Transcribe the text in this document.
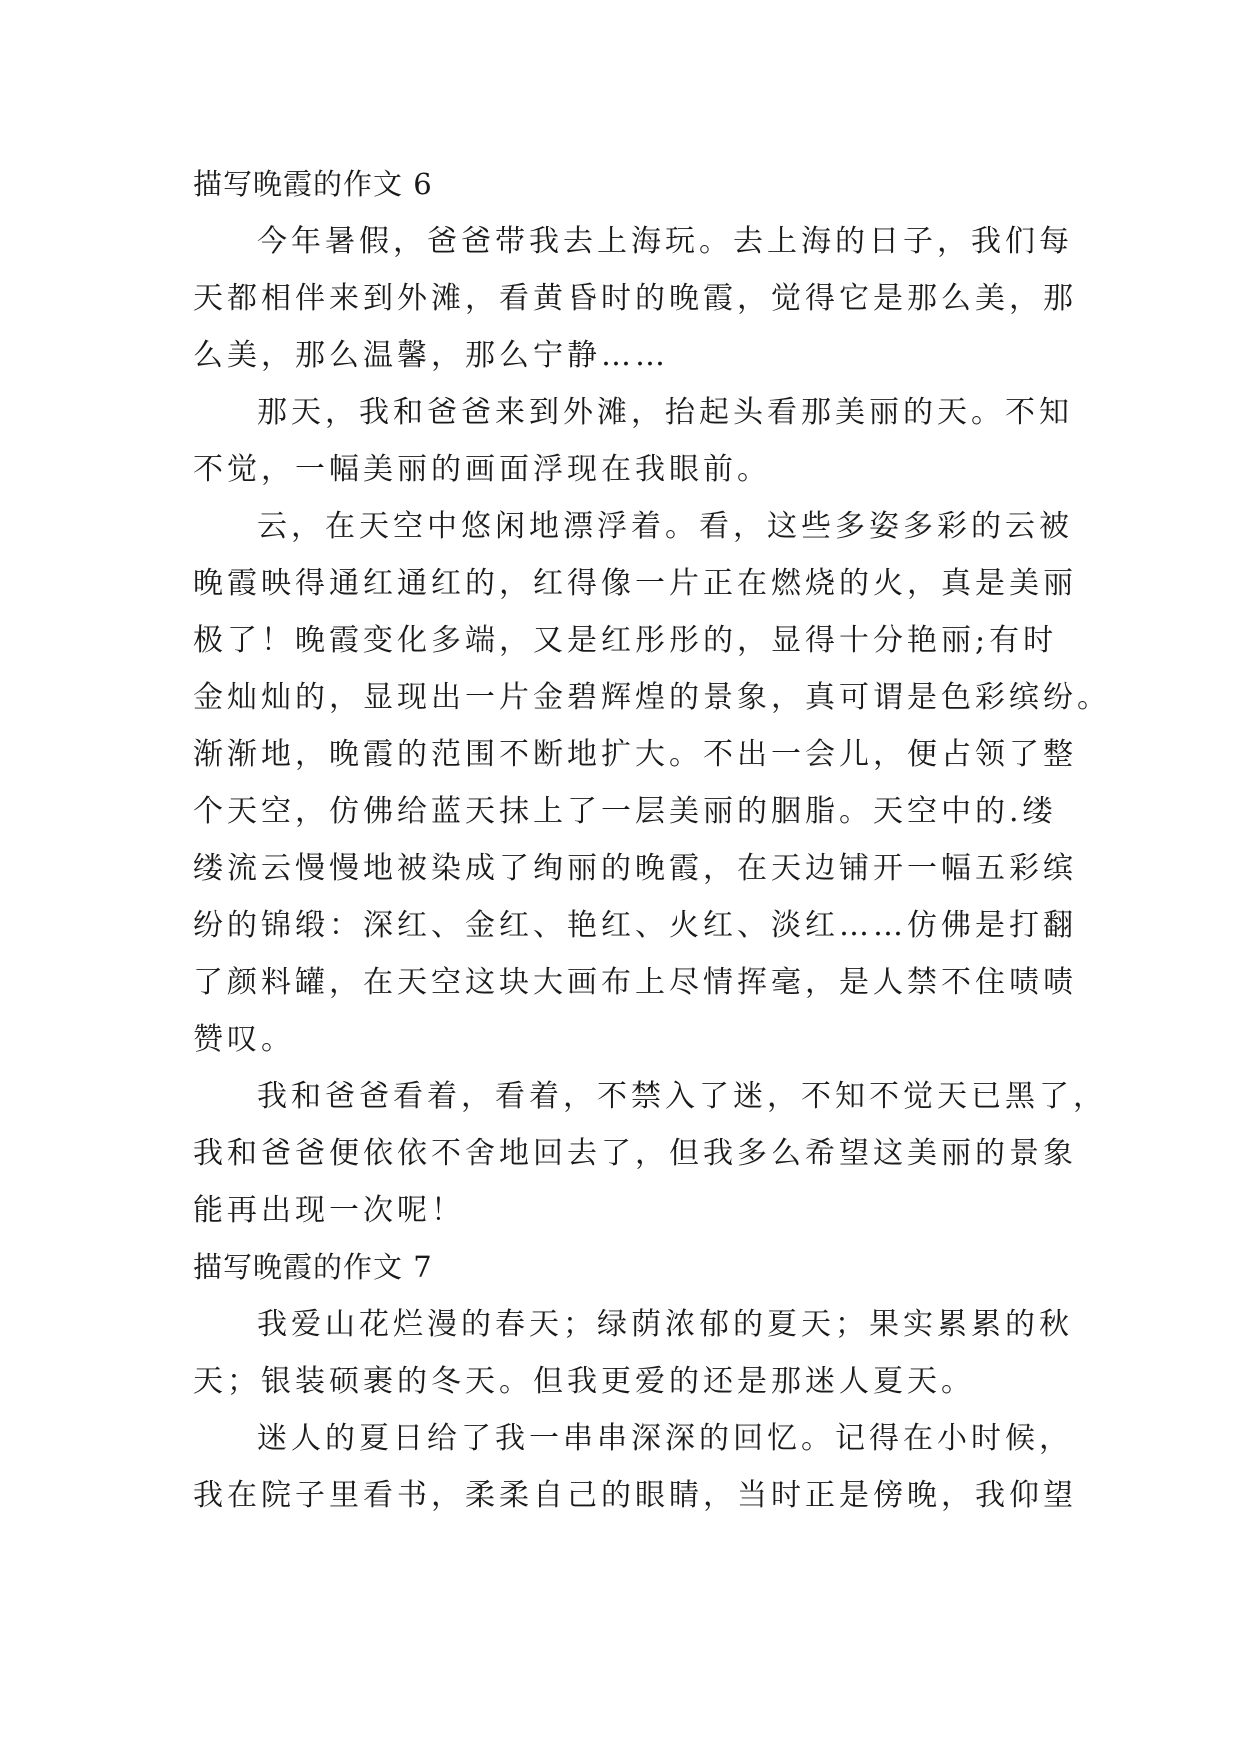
描写晚霞的作文 6
今年暑假，爸爸带我去上海玩。去上海的日子，我们每
天都相伴来到外滩，看黄昏时的晚霞，觉得它是那么美，那
么美，那么温馨，那么宁静……
那天，我和爸爸来到外滩，抬起头看那美丽的天。不知
不觉，一幅美丽的画面浮现在我眼前。
云，在天空中悠闲地漂浮着。看，这些多姿多彩的云被
晚霞映得通红通红的，红得像一片正在燃烧的火，真是美丽
极了！晚霞变化多端，又是红彤彤的，显得十分艳丽;有时
金灿灿的，显现出一片金碧辉煌的景象，真可谓是色彩缤纷。
渐渐地，晚霞的范围不断地扩大。不出一会儿，便占领了整
个天空，仿佛给蓝天抹上了一层美丽的胭脂。天空中的.缕
缕流云慢慢地被染成了绚丽的晚霞，在天边铺开一幅五彩缤
纷的锦缎：深红、金红、艳红、火红、淡红……仿佛是打翻
了颜料罐，在天空这块大画布上尽情挥毫，是人禁不住啧啧
赞叹。
我和爸爸看着，看着，不禁入了迷，不知不觉天已黑了，
我和爸爸便依依不舍地回去了，但我多么希望这美丽的景象
能再出现一次呢！
描写晚霞的作文 7
我爱山花烂漫的春天；绿荫浓郁的夏天；果实累累的秋
天；银装硕裹的冬天。但我更爱的还是那迷人夏天。
迷人的夏日给了我一串串深深的回忆。记得在小时候，
我在院子里看书，柔柔自己的眼睛，当时正是傍晚，我仰望
